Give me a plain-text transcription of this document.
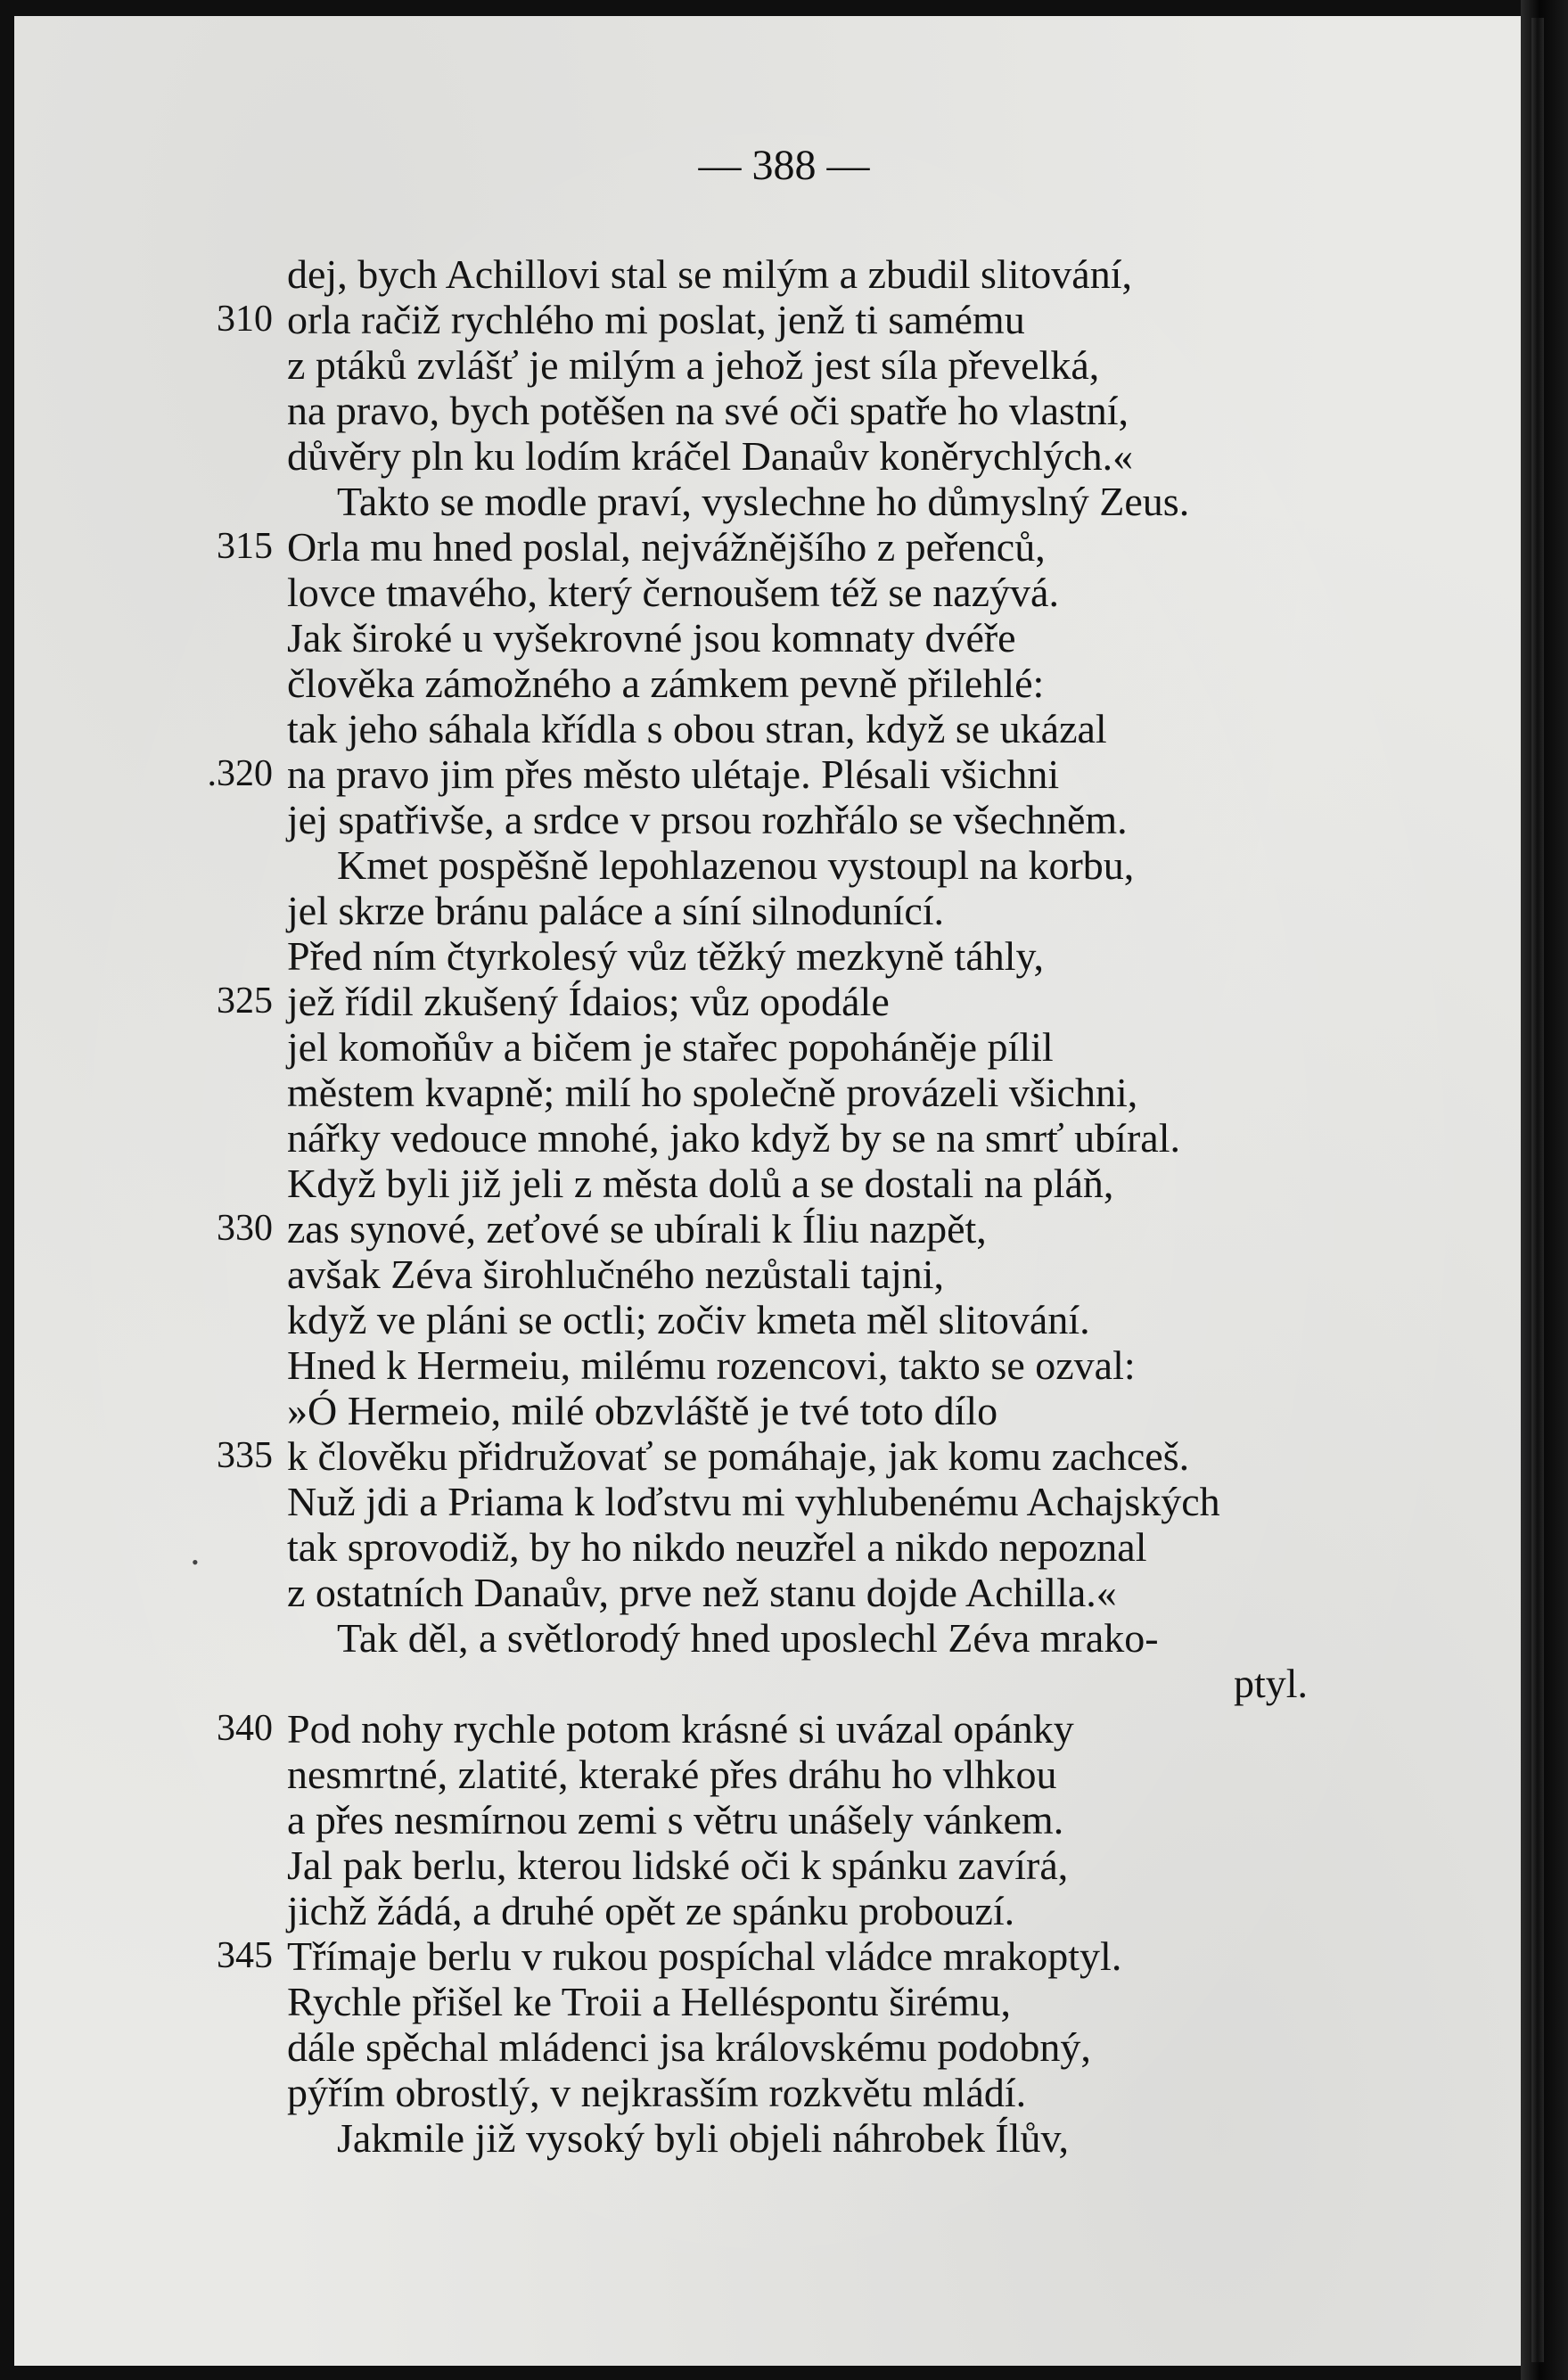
— 388 —
dej, bych Achillovi stal se milým a zbudil slitování,
310 orla račiž rychlého mi poslat, jenž ti samému
z ptáků zvlášť je milým a jehož jest síla převelká,
na pravo, bych potěšen na své oči spatře ho vlastní,
důvěry pln ku lodím kráčel Danaův koněrychlých.«
Takto se modle praví, vyslechne ho důmyslný Zeus.
315 Orla mu hned poslal, nejvážnějšího z peřenců,
lovce tmavého, který černoušem též se nazývá.
Jak široké u vyšekrovné jsou komnaty dvéře
člověka zámožného a zámkem pevně přilehlé:
tak jeho sáhala křídla s obou stran, když se ukázal
.320 na pravo jim přes město ulétaje. Plésali všichni
jej spatřivše, a srdce v prsou rozhřálo se všechněm.
Kmet pospěšně lepohlazenou vystoupl na korbu,
jel skrze bránu paláce a síní silnodunící.
Před ním čtyrkolesý vůz těžký mezkyně táhly,
325 jež řídil zkušený Ídaios; vůz opodále
jel komoňův a bičem je stařec popoháněje pílil
městem kvapně; milí ho společně provázeli všichni,
nářky vedouce mnohé, jako když by se na smrť ubíral.
Když byli již jeli z města dolů a se dostali na pláň,
330 zas synové, zeťové se ubírali k Íliu nazpět,
avšak Zéva širohlučného nezůstali tajni,
když ve pláni se octli; zočiv kmeta měl slitování.
Hned k Hermeiu, milému rozencovi, takto se ozval:
»Ó Hermeio, milé obzvláště je tvé toto dílo
335 k člověku přidružovať se pomáhaje, jak komu zachceš.
Nuž jdi a Priama k loďstvu mi vyhlubenému Achajských
tak sprovodiž, by ho nikdo neuzřel a nikdo nepoznal
z ostatních Danaův, prve než stanu dojde Achilla.«
Tak děl, a světlorodý hned uposlechl Zéva mrako-
ptyl.
340 Pod nohy rychle potom krásné si uvázal opánky
nesmrtné, zlatité, kteraké přes dráhu ho vlhkou
a přes nesmírnou zemi s větru unášely vánkem.
Jal pak berlu, kterou lidské oči k spánku zavírá,
jichž žádá, a druhé opět ze spánku probouzí.
345 Třímaje berlu v rukou pospíchal vládce mrakoptyl.
Rychle přišel ke Troii a Helléspontu širému,
dále spěchal mládenci jsa královskému podobný,
pýřím obrostlý, v nejkrasším rozkvětu mládí.
Jakmile již vysoký byli objeli náhrobek Ílův,
•
